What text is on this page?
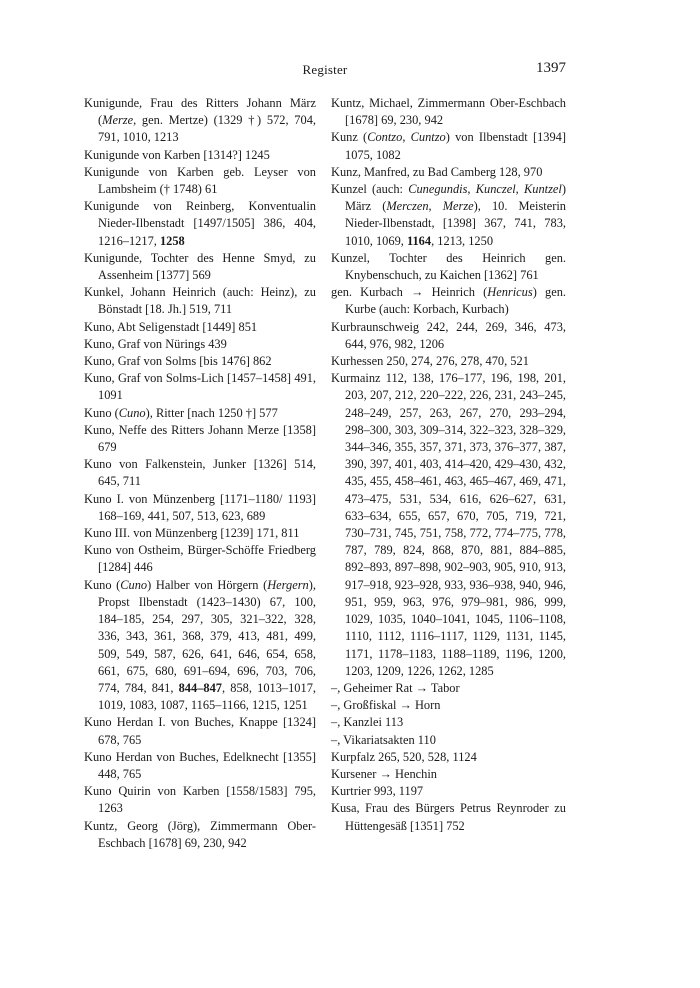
Register	1397

Kunigunde, Frau des Ritters Johann März (Merze, gen. Mertze) (1329 †) 572, 704, 791, 1010, 1213

Kunigunde von Karben [1314?] 1245

Kunigunde von Karben geb. Leyser von Lambsheim († 1748) 61

Kunigunde von Reinberg, Konventualin Nieder-Ilbenstadt [1497/1505] 386, 404, 1216–1217, 1258

Kunigunde, Tochter des Henne Smyd, zu Assenheim [1377] 569

Kunkel, Johann Heinrich (auch: Heinz), zu Bönstadt [18. Jh.] 519, 711

Kuno, Abt Seligenstadt [1449] 851

Kuno, Graf von Nürings 439

Kuno, Graf von Solms [bis 1476] 862

Kuno, Graf von Solms-Lich [1457–1458] 491, 1091

Kuno (Cuno), Ritter [nach 1250 †] 577

Kuno, Neffe des Ritters Johann Merze [1358] 679

Kuno von Falkenstein, Junker [1326] 514, 645, 711

Kuno I. von Münzenberg [1171–1180/ 1193] 168–169, 441, 507, 513, 623, 689

Kuno III. von Münzenberg [1239] 171, 811

Kuno von Ostheim, Bürger-Schöffe Friedberg [1284] 446

Kuno (Cuno) Halber von Hörgern (Hergern), Propst Ilbenstadt (1423–1430) 67, 100, 184–185, 254, 297, 305, 321–322, 328, 336, 343, 361, 368, 379, 413, 481, 499, 509, 549, 587, 626, 641, 646, 654, 658, 661, 675, 680, 691–694, 696, 703, 706, 774, 784, 841, 844–847, 858, 1013–1017, 1019, 1083, 1087, 1165–1166, 1215, 1251

Kuno Herdan I. von Buches, Knappe [1324] 678, 765

Kuno Herdan von Buches, Edelknecht [1355] 448, 765

Kuno Quirin von Karben [1558/1583] 795, 1263

Kuntz, Georg (Jörg), Zimmermann Ober-Eschbach [1678] 69, 230, 942

Kuntz, Michael, Zimmermann Ober-Eschbach [1678] 69, 230, 942

Kunz (Contzo, Cuntzo) von Ilbenstadt [1394] 1075, 1082

Kunz, Manfred, zu Bad Camberg 128, 970

Kunzel (auch: Cunegundis, Kunczel, Kuntzel) März (Merczen, Merze), 10. Meisterin Nieder-Ilbenstadt, [1398] 367, 741, 783, 1010, 1069, 1164, 1213, 1250

Kunzel, Tochter des Heinrich gen. Knybenschuch, zu Kaichen [1362] 761

gen. Kurbach → Heinrich (Henricus) gen. Kurbe (auch: Korbach, Kurbach)

Kurbraunschweig 242, 244, 269, 346, 473, 644, 976, 982, 1206

Kurhessen 250, 274, 276, 278, 470, 521

Kurmainz 112, 138, 176–177, 196, 198, 201, 203, 207, 212, 220–222, 226, 231, 243–245, 248–249, 257, 263, 267, 270, 293–294, 298–300, 303, 309–314, 322–323, 328–329, 344–346, 355, 357, 371, 373, 376–377, 387, 390, 397, 401, 403, 414–420, 429–430, 432, 435, 455, 458–461, 463, 465–467, 469, 471, 473–475, 531, 534, 616, 626–627, 631, 633–634, 655, 657, 670, 705, 719, 721, 730–731, 745, 751, 758, 772, 774–775, 778, 787, 789, 824, 868, 870, 881, 884–885, 892–893, 897–898, 902–903, 905, 910, 913, 917–918, 923–928, 933, 936–938, 940, 946, 951, 959, 963, 976, 979–981, 986, 999, 1029, 1035, 1040–1041, 1045, 1106–1108, 1110, 1112, 1116–1117, 1129, 1131, 1145, 1171, 1178–1183, 1188–1189, 1196, 1200, 1203, 1209, 1226, 1262, 1285

–, Geheimer Rat → Tabor

–, Großfiskal → Horn

–, Kanzlei 113

–, Vikariatsakten 110

Kurpfalz 265, 520, 528, 1124

Kursener → Henchin

Kurtrier 993, 1197

Kusa, Frau des Bürgers Petrus Reynroder zu Hüttengesäß [1351] 752
